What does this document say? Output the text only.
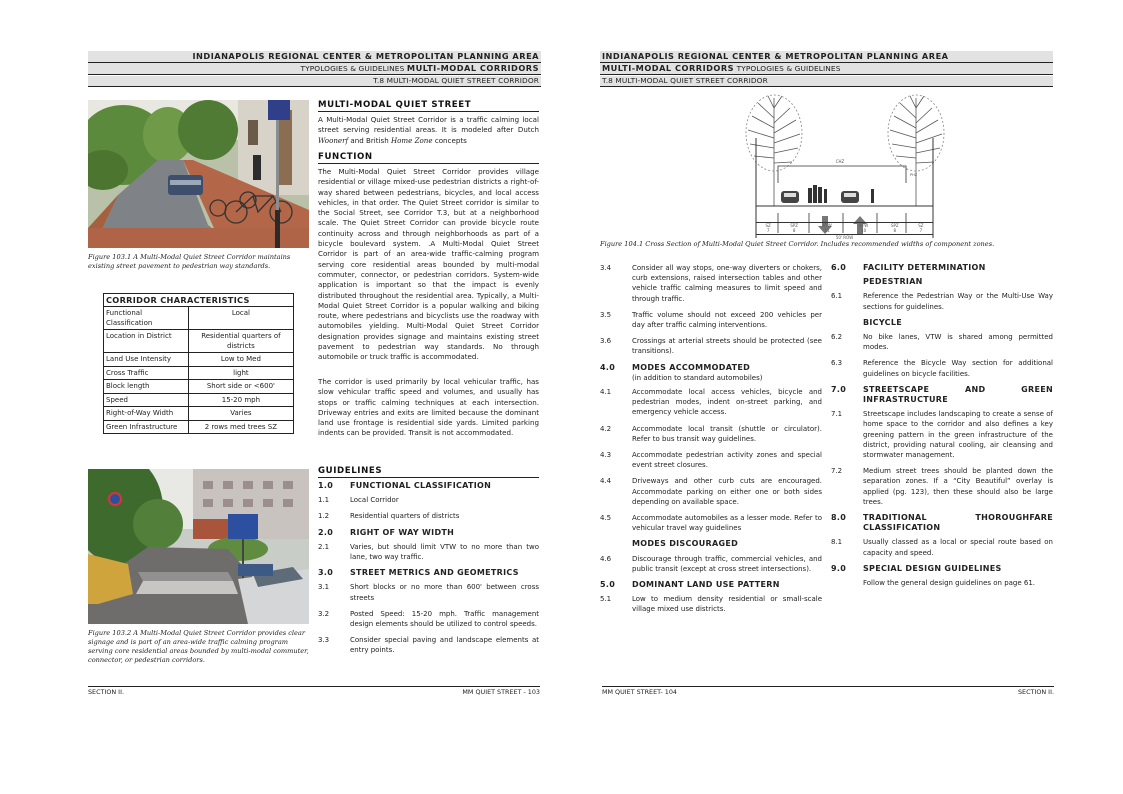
INDIANAPOLIS REGIONAL CENTER & METROPOLITAN PLANNING AREA
TYPOLOGIES & GUIDELINES MULTI-MODAL CORRIDORS
T.8 MULTI-MODAL QUIET STREET CORRIDOR
Figure 103.1 A Multi-Modal Quiet Street Corridor maintains existing street pavement to pedestrian way standards.
CORRIDOR CHARACTERISTICS	
Functional Classification	Local
Location in District	Residential quarters of districts
Land Use Intensity	Low to Med
Cross Traffic	light
Block length	Short side or <600'
Speed	15-20 mph
Right-of-Way Width	Varies
Green Infrastructure	2 rows med trees SZ
Figure 103.2 A Multi-Modal Quiet Street Corridor provides clear signage and is part of an area-wide traffic calming program serving core residential areas bounded by multi-modal commuter, connector, or pedestrian corridors.
MULTI-MODAL QUIET STREET
A Multi-Modal Quiet Street Corridor is a traffic calming local street serving residential areas. It is modeled after Dutch Woonerf and British Home Zone concepts
FUNCTION
The Multi-Modal Quiet Street Corridor provides village residential or village mixed-use pedestrian districts a right-of-way shared between pedestrians, bicycles, and local access vehicles, in that order. The Quiet Street corridor is similar to the Social Street, see Corridor T.3, but at a neighborhood scale. The Quiet Street Corridor can provide bicycle route continuity across and through neighborhoods as part of a bicycle boulevard system. .A Multi-Modal Quiet Street Corridor is part of an area-wide traffic-calming program serving core residential areas bounded by multi-modal commuter, connector, or pedestrian corridors. System-wide application is important so that the impact is evenly distributed throughout the residential area. Typically, a Multi-Modal Quiet Street Corridor is a popular walking and biking route, where pedestrians and bicyclists use the roadway with automobiles yielding. Multi-Modal Quiet Street Corridor designation provides signage and maintains existing street pavement to pedestrian way standards. No through automobile or truck traffic is accommodated.
The corridor is used primarily by local vehicular traffic, has slow vehicular traffic speed and volumes, and usually has stops or traffic calming techniques at each intersection. Driveway entries and exits are limited because the dominant land use frontage is residential side yards. Limited parking indents can be provided. Transit is not accommodated.
GUIDELINES
1.0	FUNCTIONAL CLASSIFICATION
1.1	Local Corridor
1.2	Residential quarters of districts
2.0	RIGHT OF WAY WIDTH
2.1	Varies, but should limit VTW to no more than two lane, two way traffic.
3.0	STREET METRICS AND GEOMETRICS
3.1	Short blocks or no more than 600' between cross streets
3.2	Posted Speed: 15-20 mph. Traffic management design elements should be utilized to control speeds.
3.3	Consider special paving and landscape elements at entry points.
SECTION II.	MM QUIET STREET - 103
INDIANAPOLIS REGIONAL CENTER & METROPOLITAN PLANNING AREA
MULTI-MODAL CORRIDORS TYPOLOGIES & GUIDELINES
T.8 MULTI-MODAL QUIET STREET CORRIDOR
CHZ
PHZ
SZ
7
SPZ
8
VTW
11
VTW
10
SPZ
8
SZ
7
50' ROW
Figure 104.1 Cross Section of Multi-Modal Quiet Street Corridor. Includes recommended widths of component zones.
3.4	Consider all way stops, one-way diverters or chokers, curb extensions, raised intersection tables and other vehicle traffic calming measures to limit speed and through traffic.
3.5	Traffic volume should not exceed 200 vehicles per day after traffic calming interventions.
3.6	Crossings at arterial streets should be protected (see transitions).
4.0	MODES ACCOMMODATED
(in addition to standard automobiles)
4.1	Accommodate local access vehicles, bicycle and pedestrian modes, indent on-street parking, and emergency vehicle access.
4.2	Accommodate local transit (shuttle or circulator). Refer to bus transit way guidelines.
4.3	Accommodate pedestrian activity zones and special event street closures.
4.4	Driveways and other curb cuts are encouraged. Accommodate parking on either one or both sides depending on available space.
4.5	Accommodate automobiles as a lesser mode. Refer to vehicular travel way guidelines
MODES DISCOURAGED
4.6	Discourage through traffic, commercial vehicles, and public transit (except at cross street intersections).
5.0	DOMINANT LAND USE PATTERN
5.1	Low to medium density residential or small-scale village mixed use districts.
6.0	FACILITY DETERMINATION
PEDESTRIAN
6.1	Reference the Pedestrian Way or the Multi-Use Way sections for guidelines.
BICYCLE
6.2	No bike lanes, VTW is shared among permitted modes.
6.3	Reference the Bicycle Way section for additional guidelines on bicycle facilities.
7.0	STREETSCAPE AND GREEN INFRASTRUCTURE
7.1	Streetscape includes landscaping to create a sense of home space to the corridor and also defines a key greening pattern in the green infrastructure of the district, providing natural cooling, air cleansing and stormwater management.
7.2	Medium street trees should be planted down the separation zones. If a “City Beautiful” overlay is applied (pg. 123), then these should also be large trees.
8.0	TRADITIONAL THOROUGHFARE CLASSIFICATION
8.1	Usually classed as a local or special route based on capacity and speed.
9.0	SPECIAL DESIGN GUIDELINES
Follow the general design guidelines on page 61.
MM QUIET STREET- 104	SECTION II.
